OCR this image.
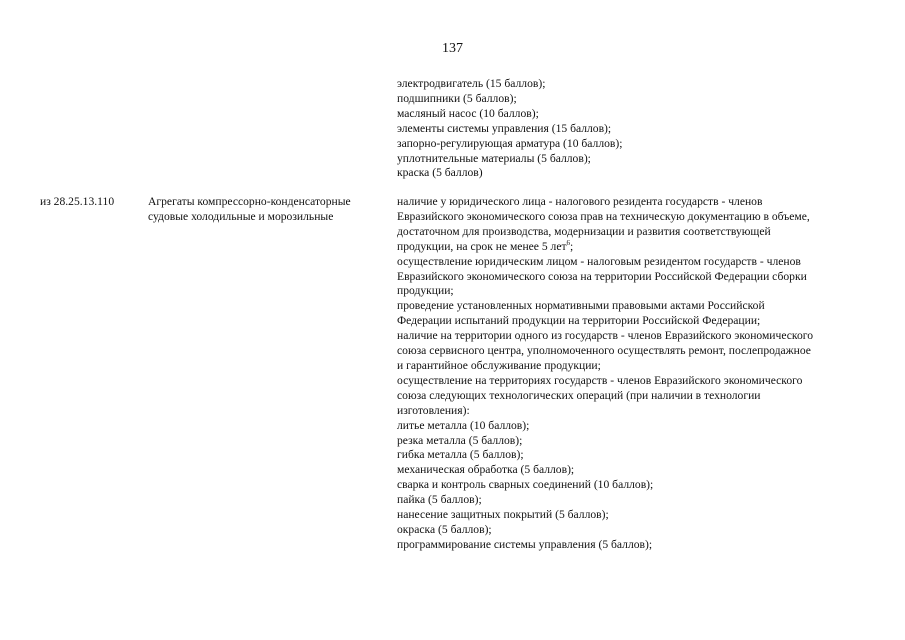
137
электродвигатель (15 баллов);
подшипники (5 баллов);
масляный насос (10 баллов);
элементы системы управления (15 баллов);
запорно-регулирующая арматура (10 баллов);
уплотнительные материалы (5 баллов);
краска (5 баллов)
из 28.25.13.110	Агрегаты компрессорно-конденсаторные
судовые холодильные и морозильные
наличие у юридического лица - налогового резидента государств - членов
Евразийского экономического союза прав на техническую документацию в объеме,
достаточном для производства, модернизации и развития соответствующей
продукции, на срок не менее 5 лет$^6$;
осуществление юридическим лицом - налоговым резидентом государств - членов
Евразийского экономического союза на территории Российской Федерации сборки
продукции;
проведение установленных нормативными правовыми актами Российской
Федерации испытаний продукции на территории Российской Федерации;
наличие на территории одного из государств - членов Евразийского экономического
союза сервисного центра, уполномоченного осуществлять ремонт, послепродажное
и гарантийное обслуживание продукции;
осуществление на территориях государств - членов Евразийского экономического
союза следующих технологических операций (при наличии в технологии
изготовления):
литье металла (10 баллов);
резка металла (5 баллов);
гибка металла (5 баллов);
механическая обработка (5 баллов);
сварка и контроль сварных соединений (10 баллов);
пайка (5 баллов);
нанесение защитных покрытий (5 баллов);
окраска (5 баллов);
программирование системы управления (5 баллов);
